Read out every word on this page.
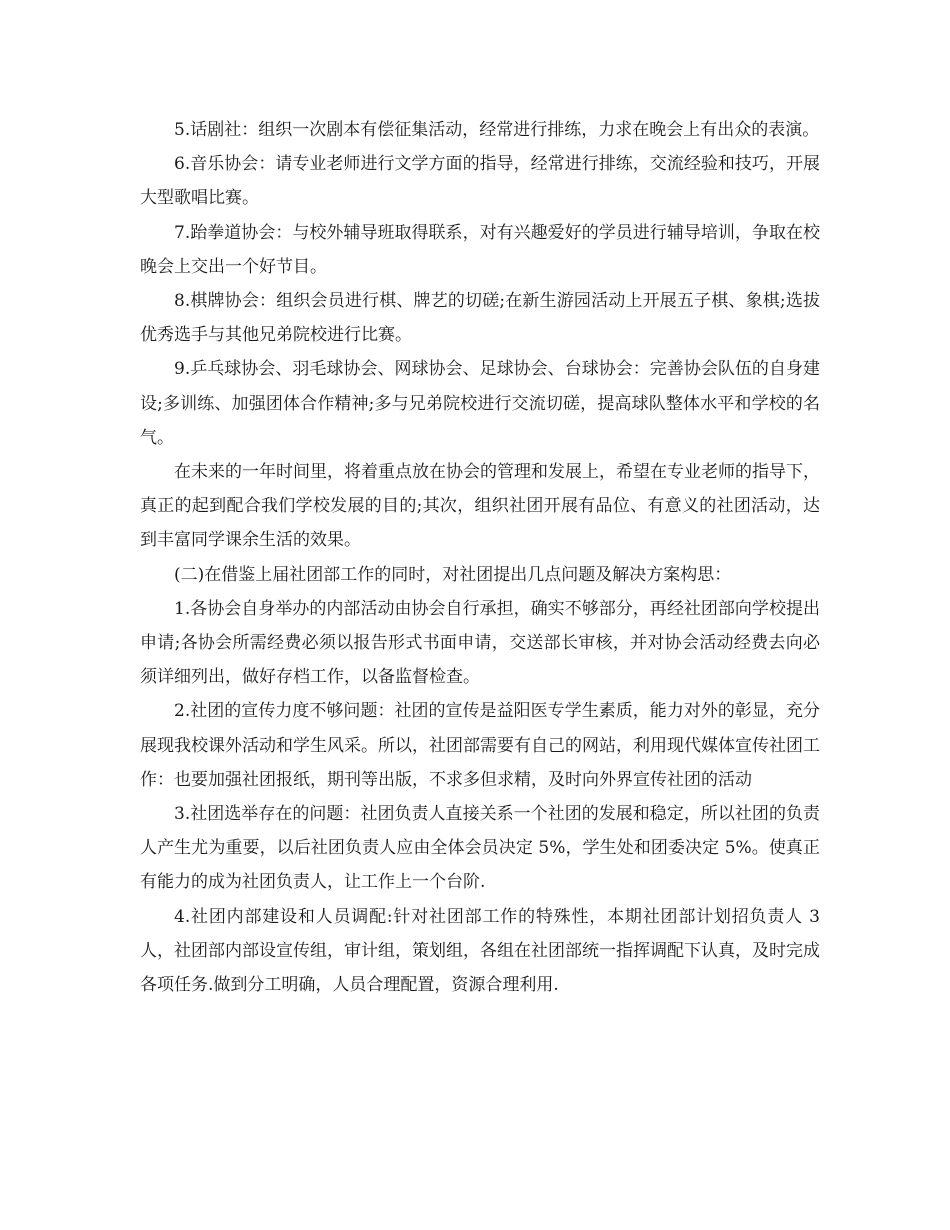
5.话剧社：组织一次剧本有偿征集活动，经常进行排练，力求在晚会上有出众的表演。

6.音乐协会：请专业老师进行文学方面的指导，经常进行排练，交流经验和技巧，开展大型歌唱比赛。

7.跆拳道协会：与校外辅导班取得联系，对有兴趣爱好的学员进行辅导培训，争取在校晚会上交出一个好节目。

8.棋牌协会：组织会员进行棋、牌艺的切磋;在新生游园活动上开展五子棋、象棋;选拔优秀选手与其他兄弟院校进行比赛。

9.乒乓球协会、羽毛球协会、网球协会、足球协会、台球协会：完善协会队伍的自身建设;多训练、加强团体合作精神;多与兄弟院校进行交流切磋，提高球队整体水平和学校的名气。

在未来的一年时间里，将着重点放在协会的管理和发展上，希望在专业老师的指导下，真正的起到配合我们学校发展的目的;其次，组织社团开展有品位、有意义的社团活动，达到丰富同学课余生活的效果。

(二)在借鉴上届社团部工作的同时，对社团提出几点问题及解决方案构思：

1.各协会自身举办的内部活动由协会自行承担，确实不够部分，再经社团部向学校提出申请;各协会所需经费必须以报告形式书面申请，交送部长审核，并对协会活动经费去向必须详细列出，做好存档工作，以备监督检查。

2.社团的宣传力度不够问题：社团的宣传是益阳医专学生素质，能力对外的彰显，充分展现我校课外活动和学生风采。所以，社团部需要有自己的网站，利用现代媒体宣传社团工作：也要加强社团报纸，期刊等出版，不求多但求精，及时向外界宣传社团的活动

3.社团选举存在的问题：社团负责人直接关系一个社团的发展和稳定，所以社团的负责人产生尤为重要，以后社团负责人应由全体会员决定 5%，学生处和团委决定 5%。使真正有能力的成为社团负责人，让工作上一个台阶.

4.社团内部建设和人员调配:针对社团部工作的特殊性，本期社团部计划招负责人 3 人，社团部内部设宣传组，审计组，策划组，各组在社团部统一指挥调配下认真，及时完成各项任务.做到分工明确，人员合理配置，资源合理利用.
